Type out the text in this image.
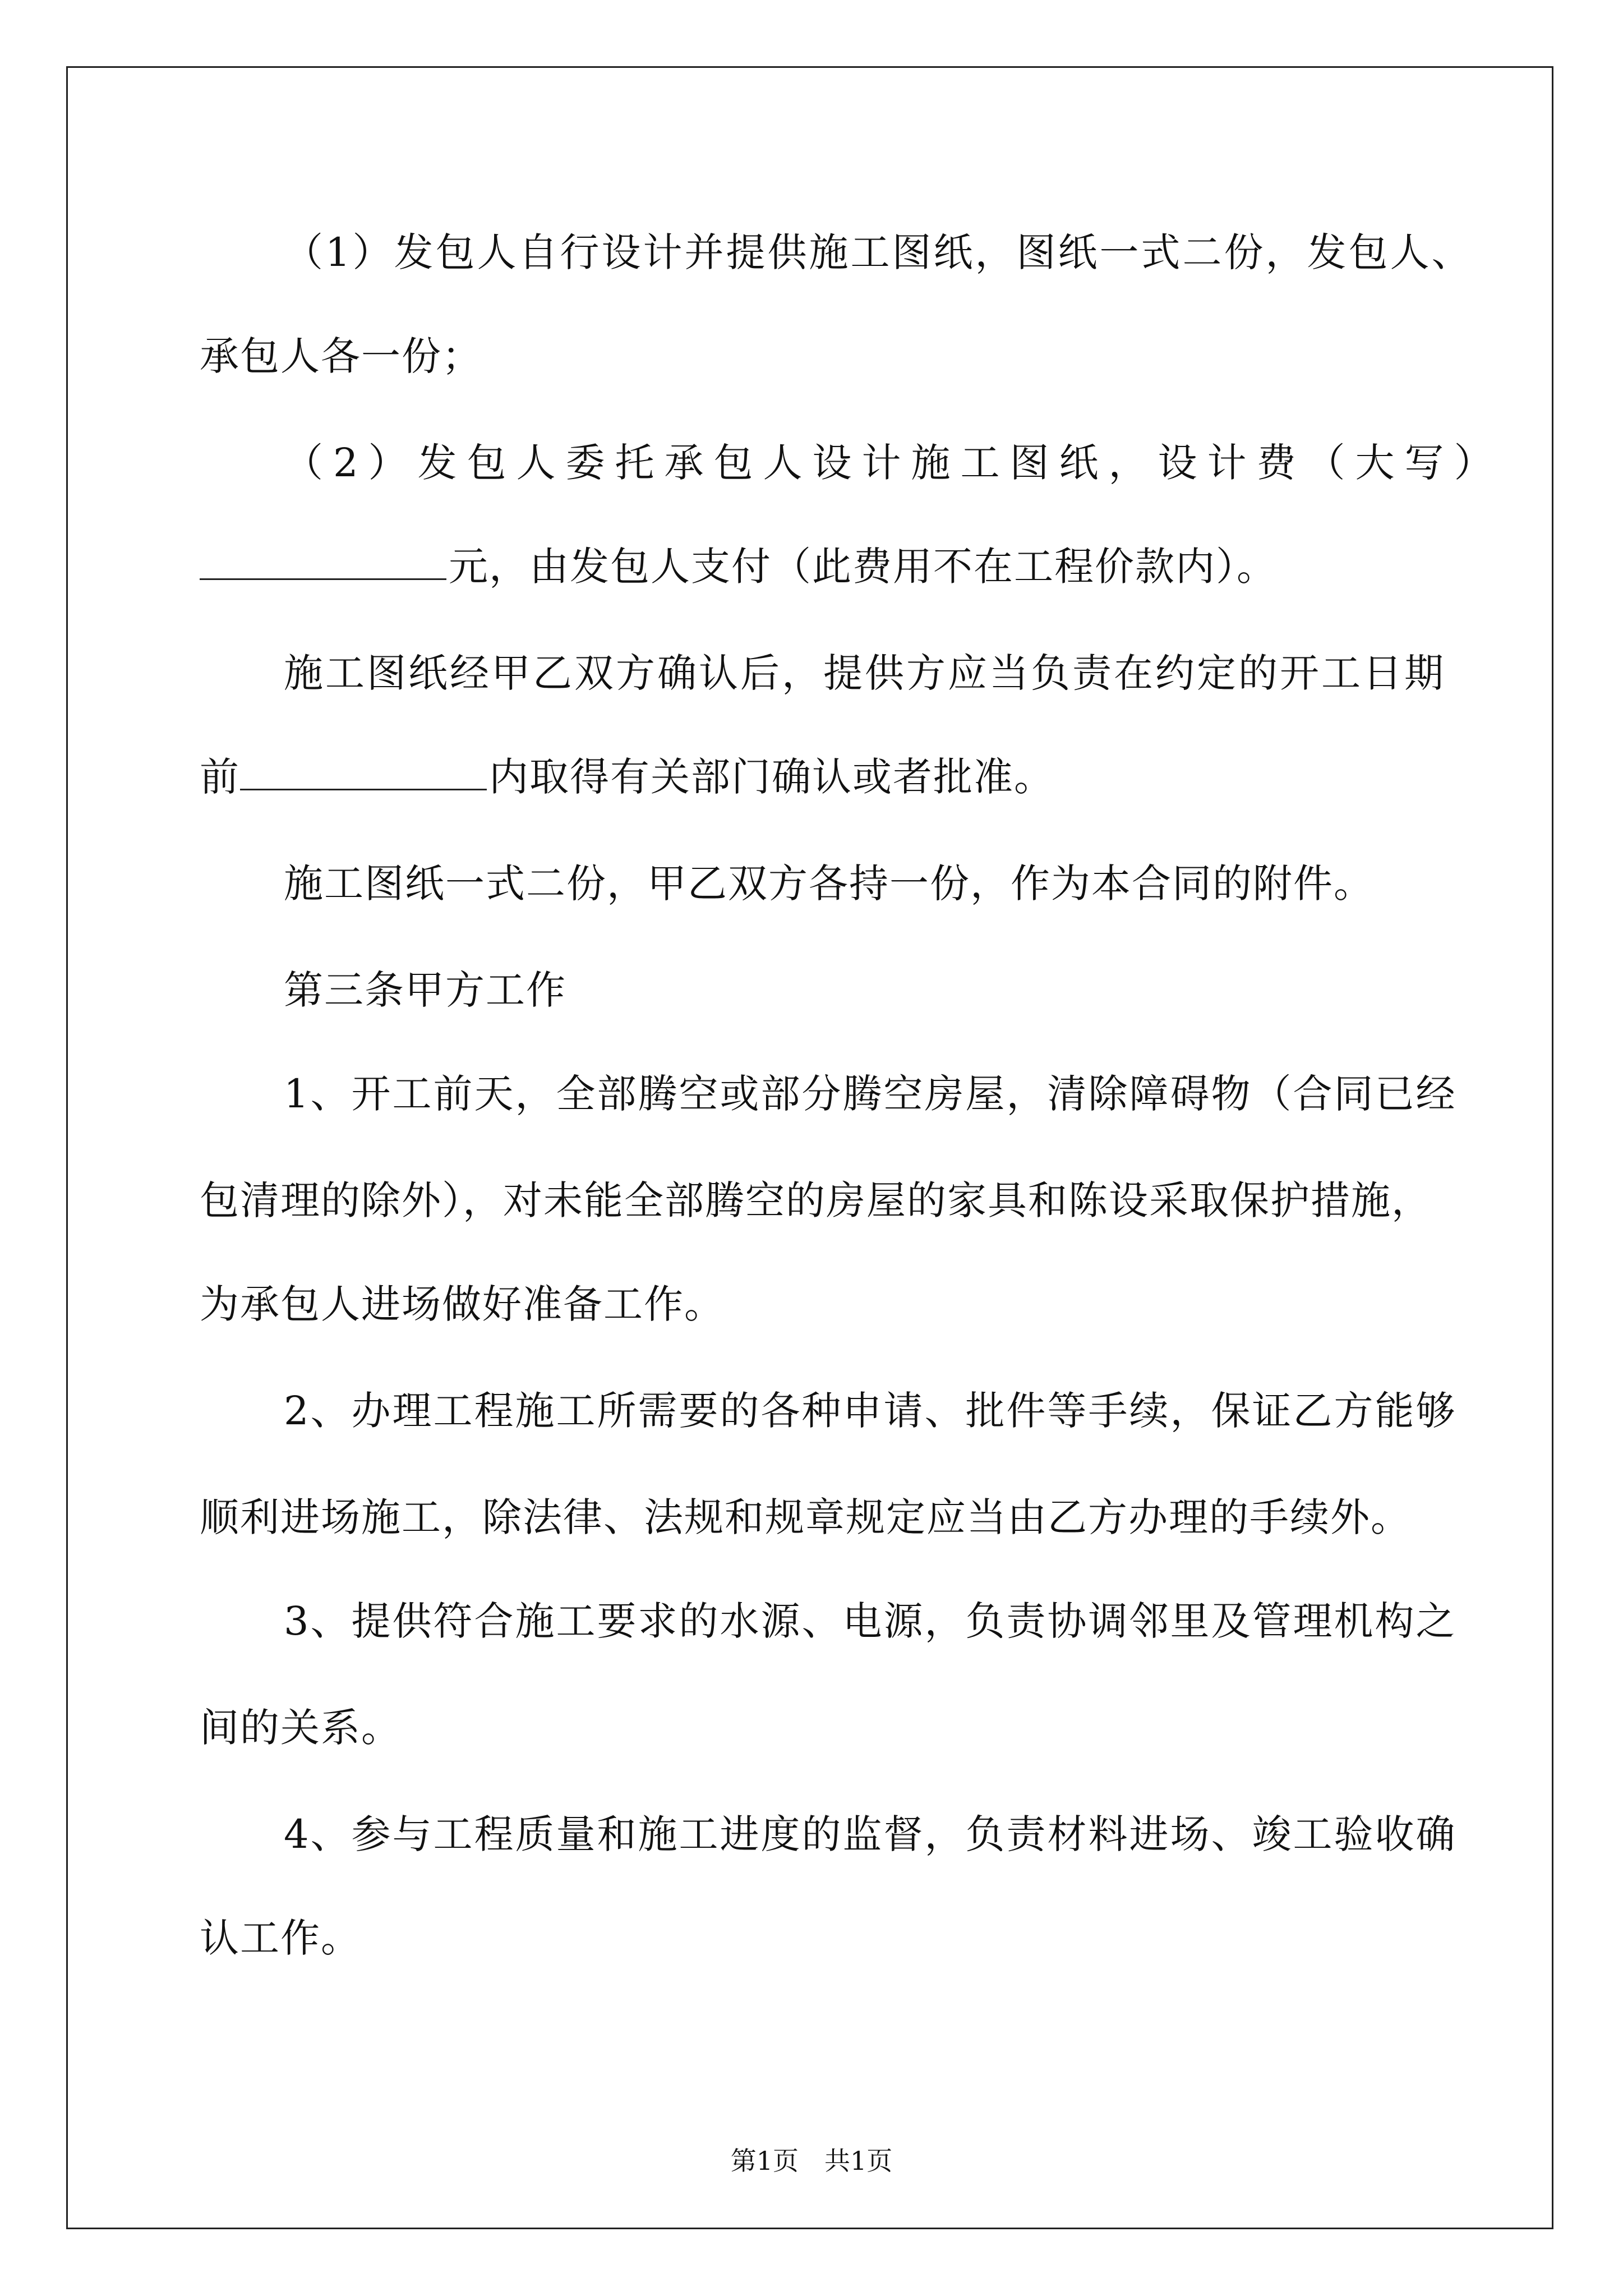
（1）发包人自行设计并提供施工图纸，图纸一式二份，发包人、
承包人各一份；
（2）发包人委托承包人设计施工图纸，设计费（大写）
元，由发包人支付（此费用不在工程价款内）。
施工图纸经甲乙双方确认后，提供方应当负责在约定的开工日期
前	内取得有关部门确认或者批准。
施工图纸一式二份，甲乙双方各持一份，作为本合同的附件。
第三条甲方工作
1、开工前天，全部腾空或部分腾空房屋，清除障碍物（合同已经
包清理的除外），对未能全部腾空的房屋的家具和陈设采取保护措施，
为承包人进场做好准备工作。
2、办理工程施工所需要的各种申请、批件等手续，保证乙方能够
顺利进场施工，除法律、法规和规章规定应当由乙方办理的手续外。
3、提供符合施工要求的水源、电源，负责协调邻里及管理机构之
间的关系。
4、参与工程质量和施工进度的监督，负责材料进场、竣工验收确
认工作。
第1页　共1页
